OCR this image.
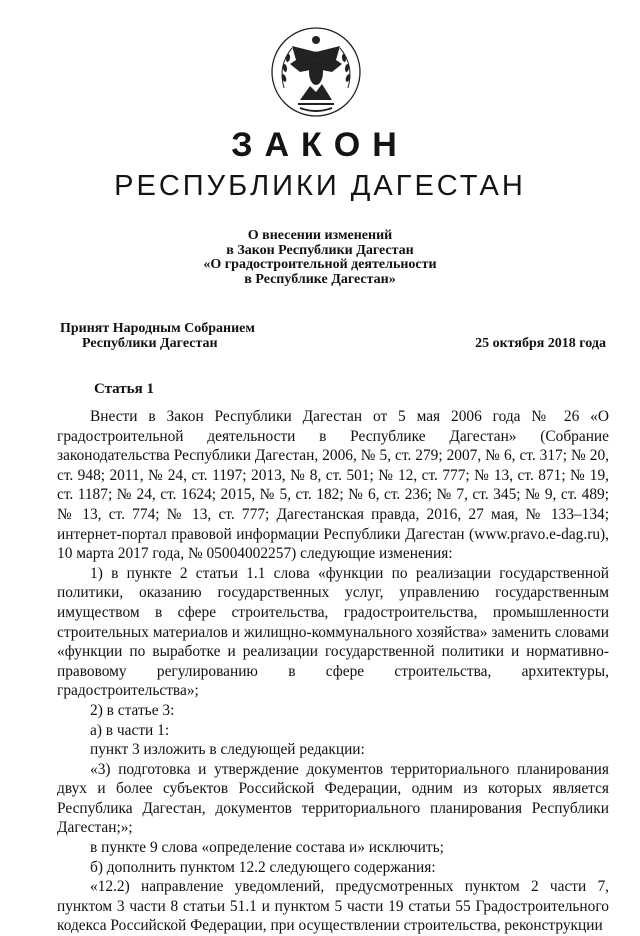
ЗАКОН
РЕСПУБЛИКИ ДАГЕСТАН
О внесении изменений
в Закон Республики Дагестан
«О градостроительной деятельности
в Республике Дагестан»
Принят Народным Собранием
Республики Дагестан	25 октября 2018 года
Статья 1

Внести в Закон Республики Дагестан от 5 мая 2006 года № 26 «О градостроительной деятельности в Республике Дагестан» (Собрание законодательства Республики Дагестан, 2006, № 5, ст. 279; 2007, № 6, ст. 317; № 20, ст. 948; 2011, № 24, ст. 1197; 2013, № 8, ст. 501; № 12, ст. 777; № 13, ст. 871; № 19, ст. 1187; № 24, ст. 1624; 2015, № 5, ст. 182; № 6, ст. 236; № 7, ст. 345; № 9, ст. 489; № 13, ст. 774; № 13, ст. 777; Дагестанская правда, 2016, 27 мая, № 133–134; интернет-портал правовой информации Республики Дагестан (www.pravo.e-dag.ru), 10 марта 2017 года, № 05004002257) следующие изменения:

1) в пункте 2 статьи 1.1 слова «функции по реализации государственной политики, оказанию государственных услуг, управлению государственным имуществом в сфере строительства, градостроительства, промышленности строительных материалов и жилищно-коммунального хозяйства» заменить словами «функции по выработке и реализации государственной политики и нормативно-правовому регулированию в сфере строительства, архитектуры, градостроительства»;

2) в статье 3:

а) в части 1:

пункт 3 изложить в следующей редакции:

«3) подготовка и утверждение документов территориального планирования двух и более субъектов Российской Федерации, одним из которых является Республика Дагестан, документов территориального планирования Республики Дагестан;»;

в пункте 9 слова «определение состава и» исключить;

б) дополнить пунктом 12.2 следующего содержания:

«12.2) направление уведомлений, предусмотренных пунктом 2 части 7, пунктом 3 части 8 статьи 51.1 и пунктом 5 части 19 статьи 55 Градостроительного кодекса Российской Федерации, при осуществлении строительства, реконструкции
